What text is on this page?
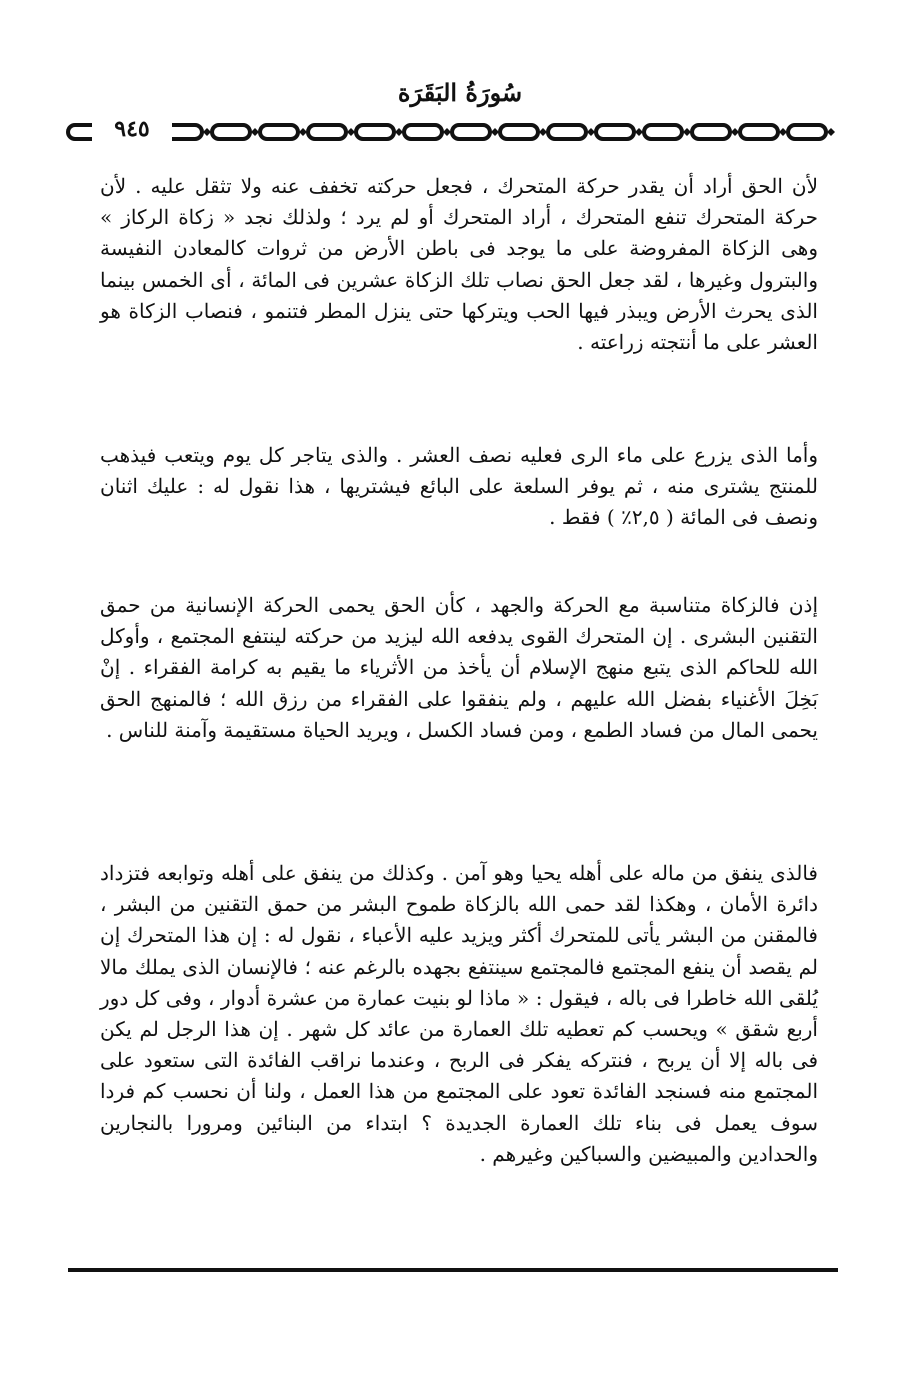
سُورَةُ البَقَرَة
٩٤٥

لأن الحق أراد أن يقدر حركة المتحرك ، فجعل حركته تخفف عنه ولا تثقل عليه . لأن حركة المتحرك تنفع المتحرك ، أراد المتحرك أو لم يرد ؛ ولذلك نجد « زكاة الركاز » وهى الزكاة المفروضة على ما يوجد فى باطن الأرض من ثروات كالمعادن النفيسة والبترول وغيرها ، لقد جعل الحق نصاب تلك الزكاة عشرين فى المائة ، أى الخمس بينما الذى يحرث الأرض ويبذر فيها الحب ويتركها حتى ينزل المطر فتنمو ، فنصاب الزكاة هو العشر على ما أنتجته زراعته .

وأما الذى يزرع على ماء الرى فعليه نصف العشر . والذى يتاجر كل يوم ويتعب فيذهب للمنتج يشترى منه ، ثم يوفر السلعة على البائع فيشتريها ، هذا نقول له : عليك اثنان ونصف فى المائة ( ٢,٥٪ ) فقط .

إذن فالزكاة متناسبة مع الحركة والجهد ، كأن الحق يحمى الحركة الإنسانية من حمق التقنين البشرى . إن المتحرك القوى يدفعه الله ليزيد من حركته لينتفع المجتمع ، وأوكل الله للحاكم الذى يتبع منهج الإسلام أن يأخذ من الأثرياء ما يقيم به كرامة الفقراء . إنْ بَخِلَ الأغنياء بفضل الله عليهم ، ولم ينفقوا على الفقراء من رزق الله ؛ فالمنهج الحق يحمى المال من فساد الطمع ، ومن فساد الكسل ، ويريد الحياة مستقيمة وآمنة للناس .

فالذى ينفق من ماله على أهله يحيا وهو آمن . وكذلك من ينفق على أهله وتوابعه فتزداد دائرة الأمان ، وهكذا لقد حمى الله بالزكاة طموح البشر من حمق التقنين من البشر ، فالمقنن من البشر يأتى للمتحرك أكثر ويزيد عليه الأعباء ، نقول له : إن هذا المتحرك إن لم يقصد أن ينفع المجتمع فالمجتمع سينتفع بجهده بالرغم عنه ؛ فالإنسان الذى يملك مالا يُلقى الله خاطرا فى باله ، فيقول : « ماذا لو بنيت عمارة من عشرة أدوار ، وفى كل دور أربع شقق » ويحسب كم تعطيه تلك العمارة من عائد كل شهر . إن هذا الرجل لم يكن فى باله إلا أن يربح ، فنتركه يفكر فى الربح ، وعندما نراقب الفائدة التى ستعود على المجتمع منه فسنجد الفائدة تعود على المجتمع من هذا العمل ، ولنا أن نحسب كم فردا سوف يعمل فى بناء تلك العمارة الجديدة ؟ ابتداء من البنائين ومرورا بالنجارين والحدادين والمبيضين والسباكين وغيرهم .
